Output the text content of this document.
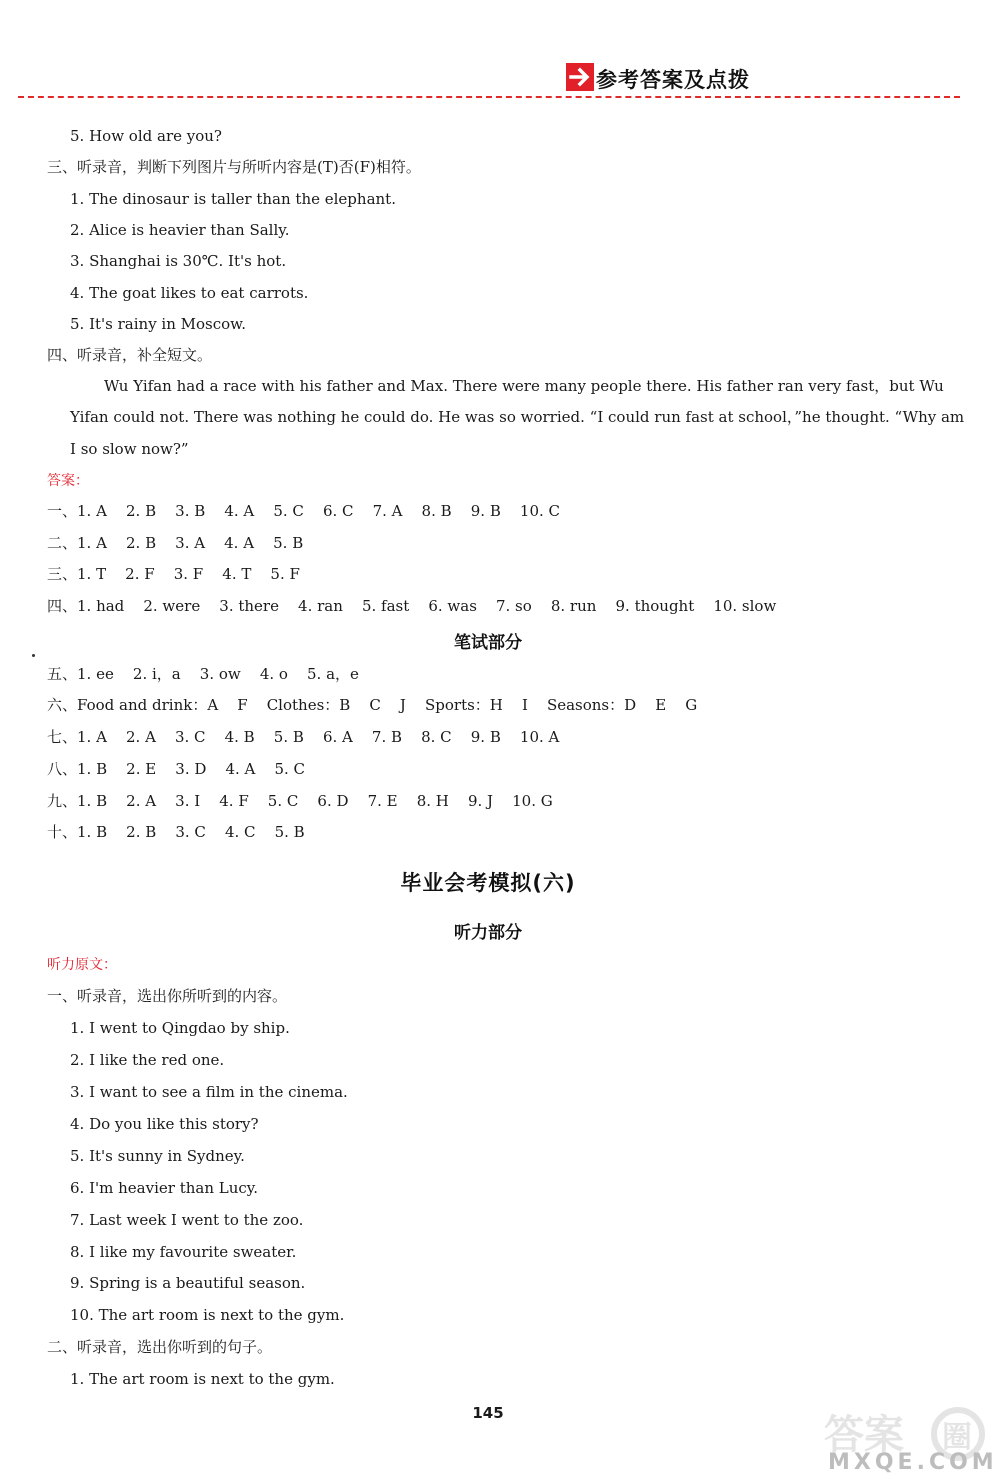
参考答案及点拨
5. How old are you?
三、听录音，判断下列图片与所听内容是(T)否(F)相符。
1. The dinosaur is taller than the elephant.
2. Alice is heavier than Sally.
3. Shanghai is 30℃. It's hot.
4. The goat likes to eat carrots.
5. It's rainy in Moscow.
四、听录音，补全短文。
Wu Yifan had a race with his father and Max. There were many people there. His father ran very fast，but Wu
Yifan could not. There was nothing he could do. He was so worried. “I could run fast at school，”he thought. “Why am
I so slow now?”
答案：
一、1. A    2. B    3. B    4. A    5. C    6. C    7. A    8. B    9. B    10. C
二、1. A    2. B    3. A    4. A    5. B
三、1. T    2. F    3. F    4. T    5. F
四、1. had    2. were    3. there    4. ran    5. fast    6. was    7. so    8. run    9. thought    10. slow
笔试部分
五、1. ee    2. i，a    3. ow    4. o    5. a，e
六、Food and drink：A    F    Clothes：B    C    J    Sports：H    I    Seasons：D    E    G
七、1. A    2. A    3. C    4. B    5. B    6. A    7. B    8. C    9. B    10. A
八、1. B    2. E    3. D    4. A    5. C
九、1. B    2. A    3. I    4. F    5. C    6. D    7. E    8. H    9. J    10. G
十、1. B    2. B    3. C    4. C    5. B
毕业会考模拟(六)
听力部分
听力原文：
一、听录音，选出你所听到的内容。
1. I went to Qingdao by ship.
2. I like the red one.
3. I want to see a film in the cinema.
4. Do you like this story?
5. It's sunny in Sydney.
6. I'm heavier than Lucy.
7. Last week I went to the zoo.
8. I like my favourite sweater.
9. Spring is a beautiful season.
10. The art room is next to the gym.
二、听录音，选出你听到的句子。
1. The art room is next to the gym.
145	答案 圈
MXQE.COM
